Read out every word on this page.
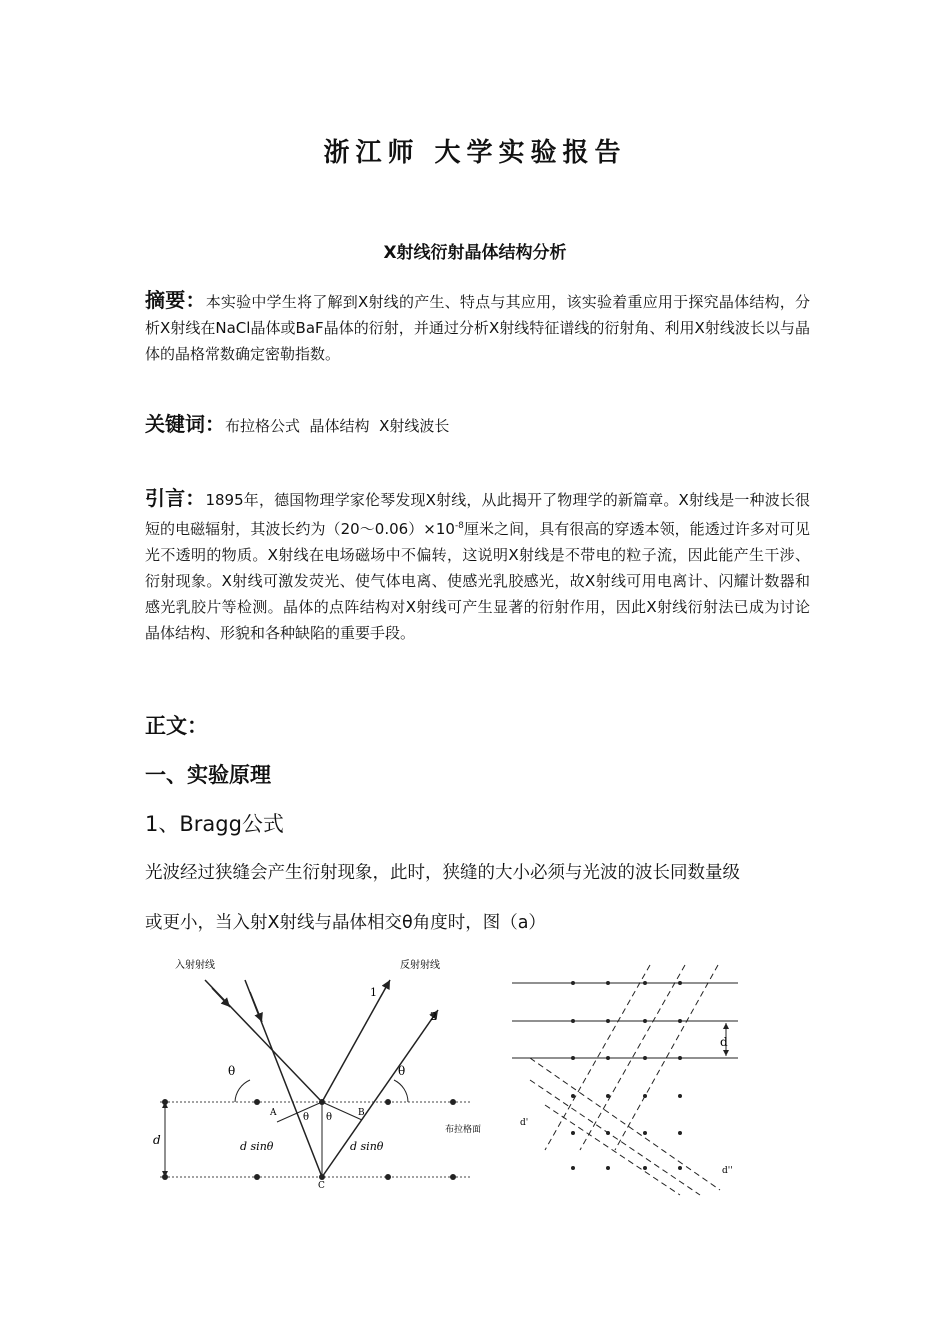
浙江师 大学实验报告
X射线衍射晶体结构分析
摘要：本实验中学生将了解到X射线的产生、特点与其应用，该实验着重应用于探究晶体结构，分析X射线在NaCl晶体或BaF晶体的衍射，并通过分析X射线特征谱线的衍射角、利用X射线波长以与晶体的晶格常数确定密勒指数。
关键词：布拉格公式  晶体结构  X射线波长
引言：1895年，德国物理学家伦琴发现X射线，从此揭开了物理学的新篇章。X射线是一种波长很短的电磁辐射，其波长约为$(20\sim 0.06)\times 10^{-8}$厘米之间，具有很高的穿透本领，能透过许多对可见光不透明的物质。X射线在电场磁场中不偏转，这说明X射线是不带电的粒子流，因此能产生干涉、衍射现象。X射线可激发荧光、使气体电离、使感光乳胶感光，故X射线可用电离计、闪耀计数器和感光乳胶片等检测。晶体的点阵结构对X射线可产生显著的衍射作用，因此X射线衍射法已成为讨论晶体结构、形貌和各种缺陷的重要手段。
正文：
一、实验原理
1、Bragg公式
光波经过狭缝会产生衍射现象，此时，狭缝的大小必须与光波的波长同数量级
或更小，当入射X射线与晶体相交θ角度时，图（a）
入射射线	反射射线
1
2
θ	θ
θ θ
A	B
C
d	d sinθ	d sinθ
布拉格面
d
d'
d''
